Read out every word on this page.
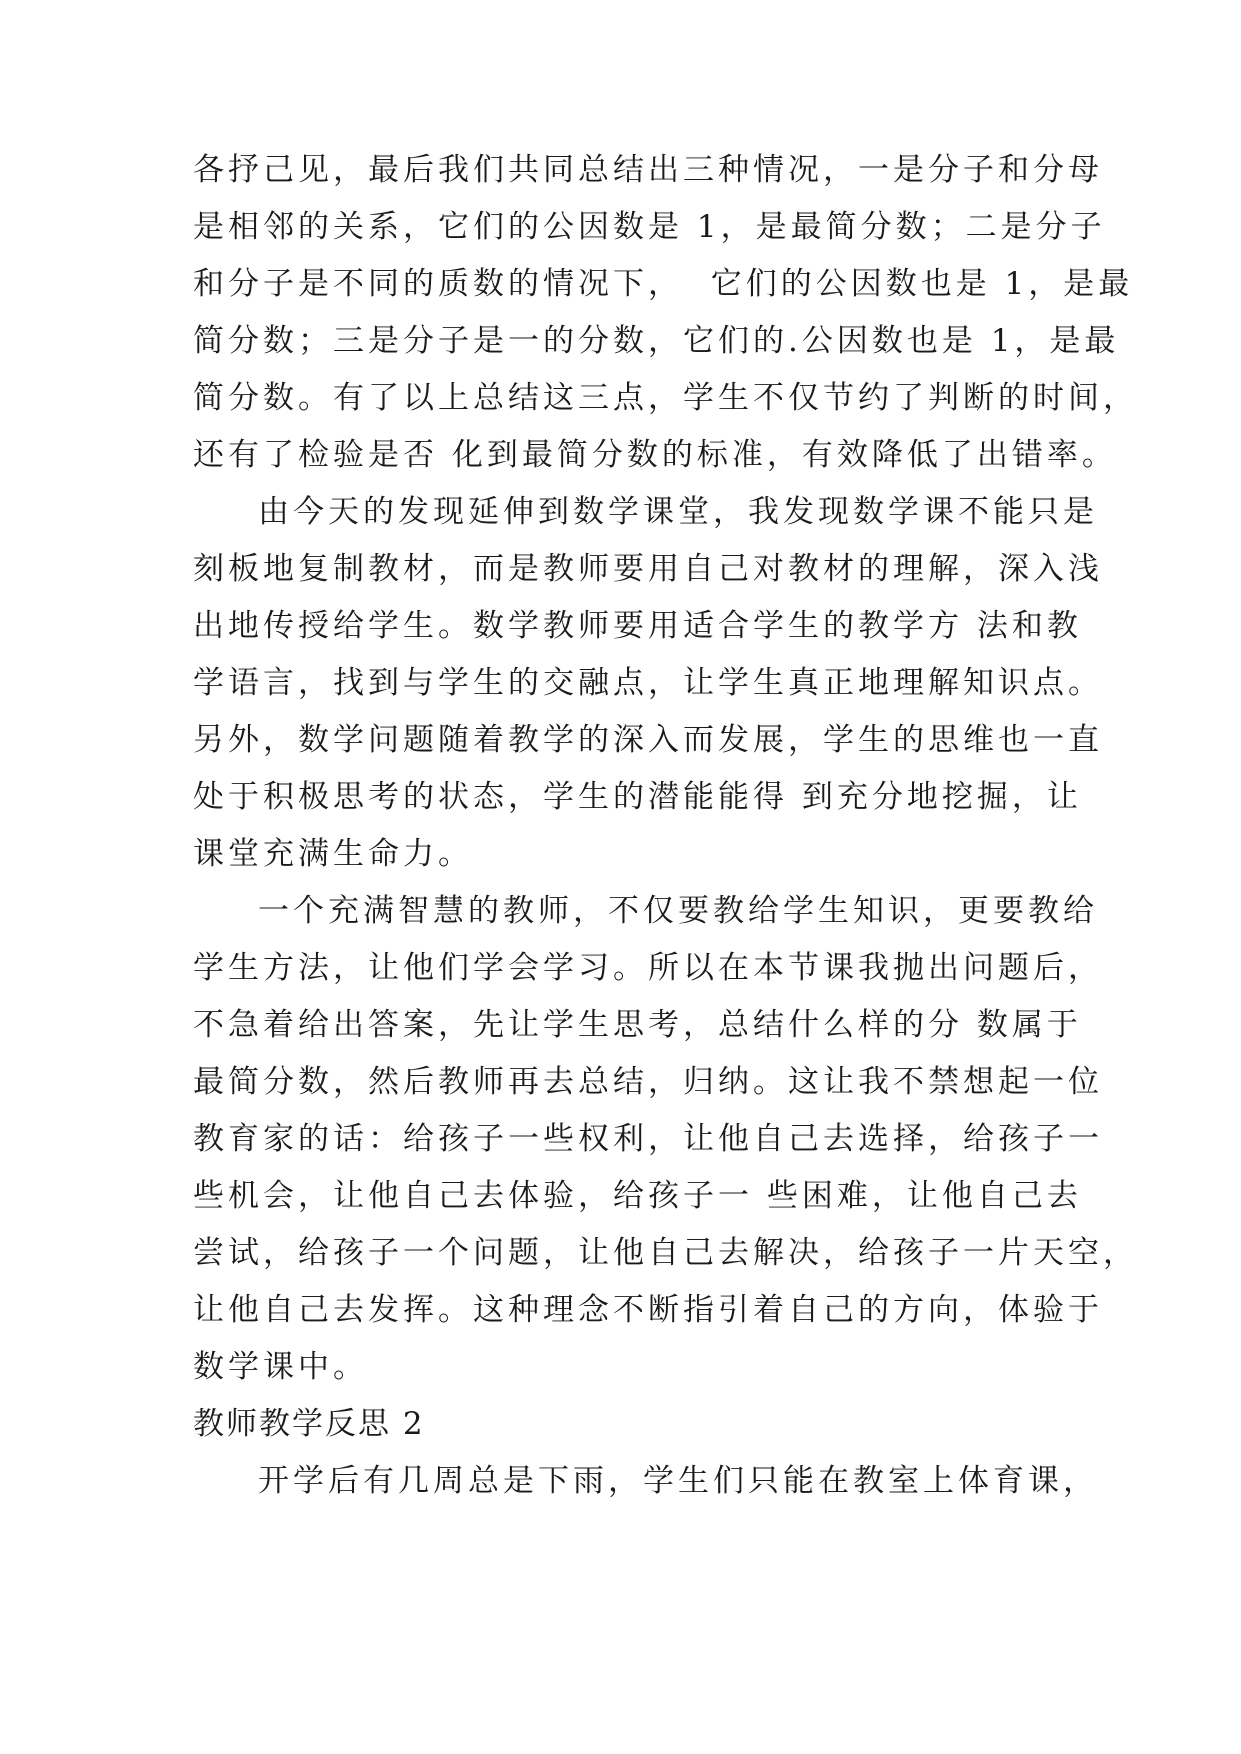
各抒己见，最后我们共同总结出三种情况，一是分子和分母
是相邻的关系，它们的公因数是 1，是最简分数；二是分子
和分子是不同的质数的情况下，  它们的公因数也是 1，是最
简分数；三是分子是一的分数，它们的.公因数也是 1，是最
简分数。有了以上总结这三点，学生不仅节约了判断的时间，
还有了检验是否 化到最简分数的标准，有效降低了出错率。
由今天的发现延伸到数学课堂，我发现数学课不能只是
刻板地复制教材，而是教师要用自己对教材的理解，深入浅
出地传授给学生。数学教师要用适合学生的教学方 法和教
学语言，找到与学生的交融点，让学生真正地理解知识点。
另外，数学问题随着教学的深入而发展，学生的思维也一直
处于积极思考的状态，学生的潜能能得 到充分地挖掘，让
课堂充满生命力。
一个充满智慧的教师，不仅要教给学生知识，更要教给
学生方法，让他们学会学习。所以在本节课我抛出问题后，
不急着给出答案，先让学生思考，总结什么样的分 数属于
最简分数，然后教师再去总结，归纳。这让我不禁想起一位
教育家的话：给孩子一些权利，让他自己去选择，给孩子一
些机会，让他自己去体验，给孩子一 些困难，让他自己去
尝试，给孩子一个问题，让他自己去解决，给孩子一片天空，
让他自己去发挥。这种理念不断指引着自己的方向，体验于
数学课中。
教师教学反思 2
开学后有几周总是下雨，学生们只能在教室上体育课，
